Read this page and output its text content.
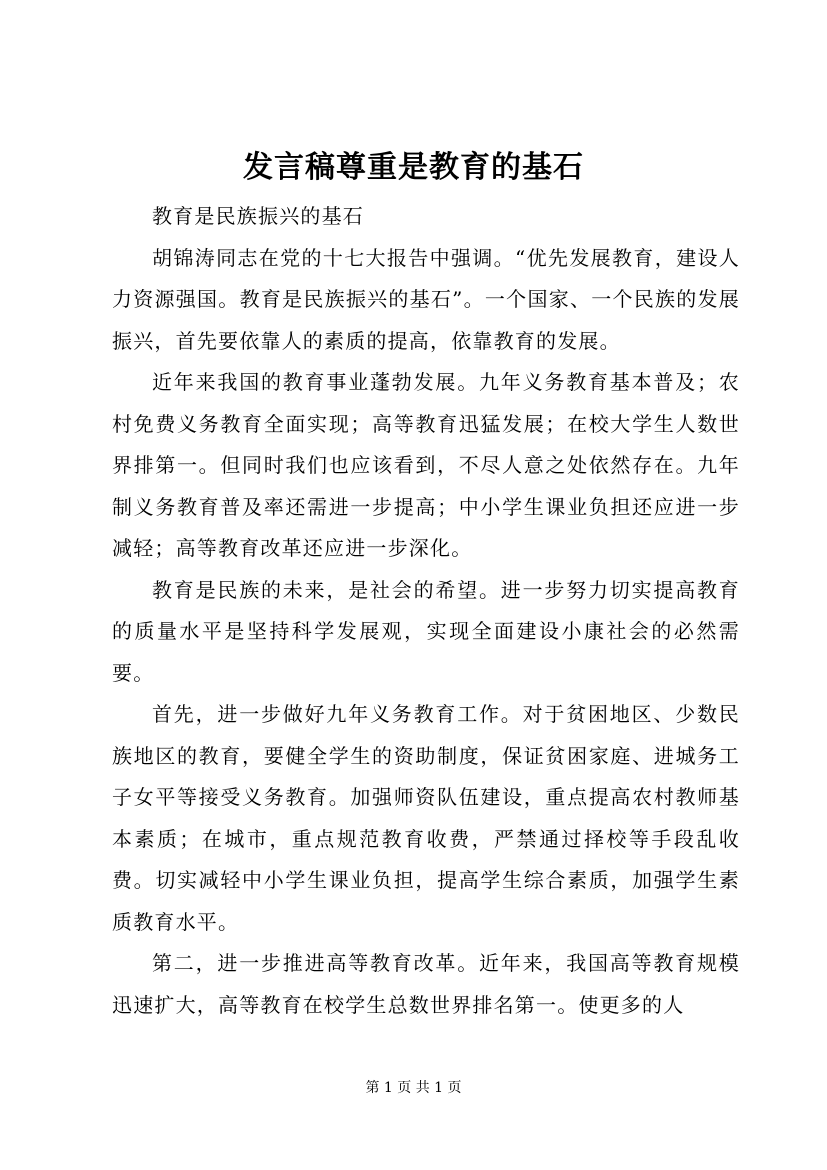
发言稿尊重是教育的基石

教育是民族振兴的基石

胡锦涛同志在党的十七大报告中强调。“优先发展教育，建设人力资源强国。教育是民族振兴的基石”。一个国家、一个民族的发展振兴，首先要依靠人的素质的提高，依靠教育的发展。

近年来我国的教育事业蓬勃发展。九年义务教育基本普及；农村免费义务教育全面实现；高等教育迅猛发展；在校大学生人数世界排第一。但同时我们也应该看到，不尽人意之处依然存在。九年制义务教育普及率还需进一步提高；中小学生课业负担还应进一步减轻；高等教育改革还应进一步深化。

教育是民族的未来，是社会的希望。进一步努力切实提高教育的质量水平是坚持科学发展观，实现全面建设小康社会的必然需要。

首先，进一步做好九年义务教育工作。对于贫困地区、少数民族地区的教育，要健全学生的资助制度，保证贫困家庭、进城务工子女平等接受义务教育。加强师资队伍建设，重点提高农村教师基本素质；在城市，重点规范教育收费，严禁通过择校等手段乱收费。切实减轻中小学生课业负担，提高学生综合素质，加强学生素质教育水平。

第二，进一步推进高等教育改革。近年来，我国高等教育规模迅速扩大，高等教育在校学生总数世界排名第一。使更多的人

第 1 页 共 1 页
